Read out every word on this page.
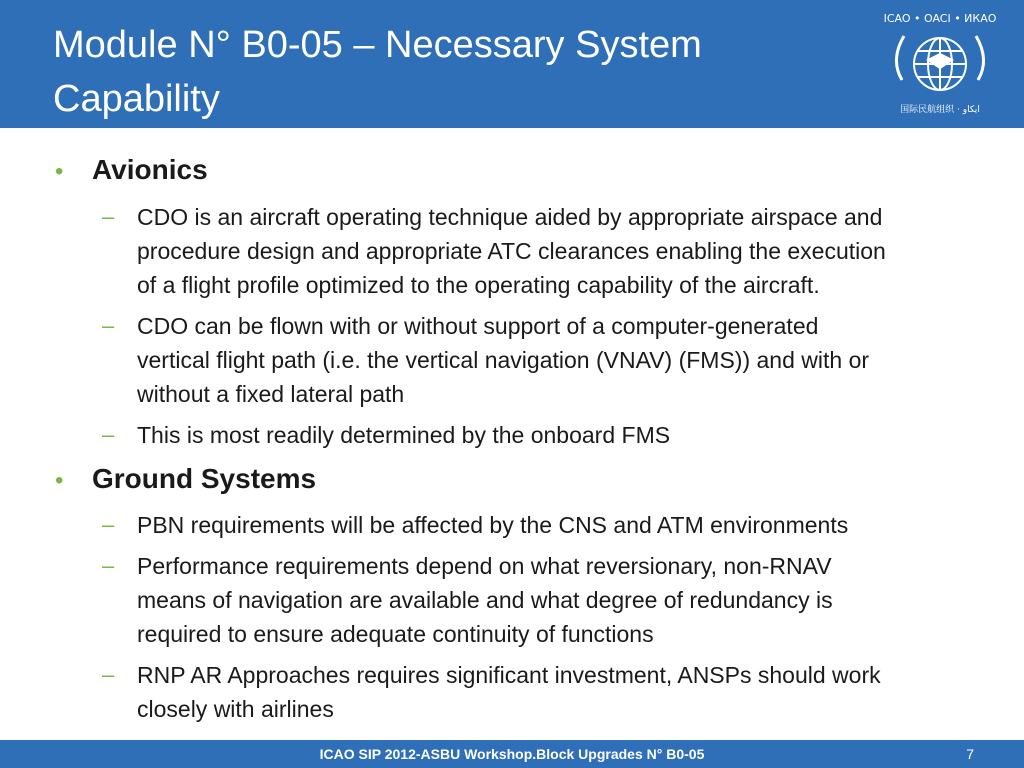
Module N° B0-05 – Necessary System
Capability
ICAO • OACI • ИКАО
国际民航组织 · ايكاو
• Avionics
– CDO is an aircraft operating technique aided by appropriate airspace and
procedure design and appropriate ATC clearances enabling the execution
of a flight profile optimized to the operating capability of the aircraft.
– CDO can be flown with or without support of a computer-generated
vertical flight path (i.e. the vertical navigation (VNAV) (FMS)) and with or
without a fixed lateral path
– This is most readily determined by the onboard FMS
• Ground Systems
– PBN requirements will be affected by the CNS and ATM environments
– Performance requirements depend on what reversionary, non-RNAV
means of navigation are available and what degree of redundancy is
required to ensure adequate continuity of functions
– RNP AR Approaches requires significant investment, ANSPs should work
closely with airlines
ICAO SIP 2012-ASBU Workshop.Block Upgrades N° B0-05	7
